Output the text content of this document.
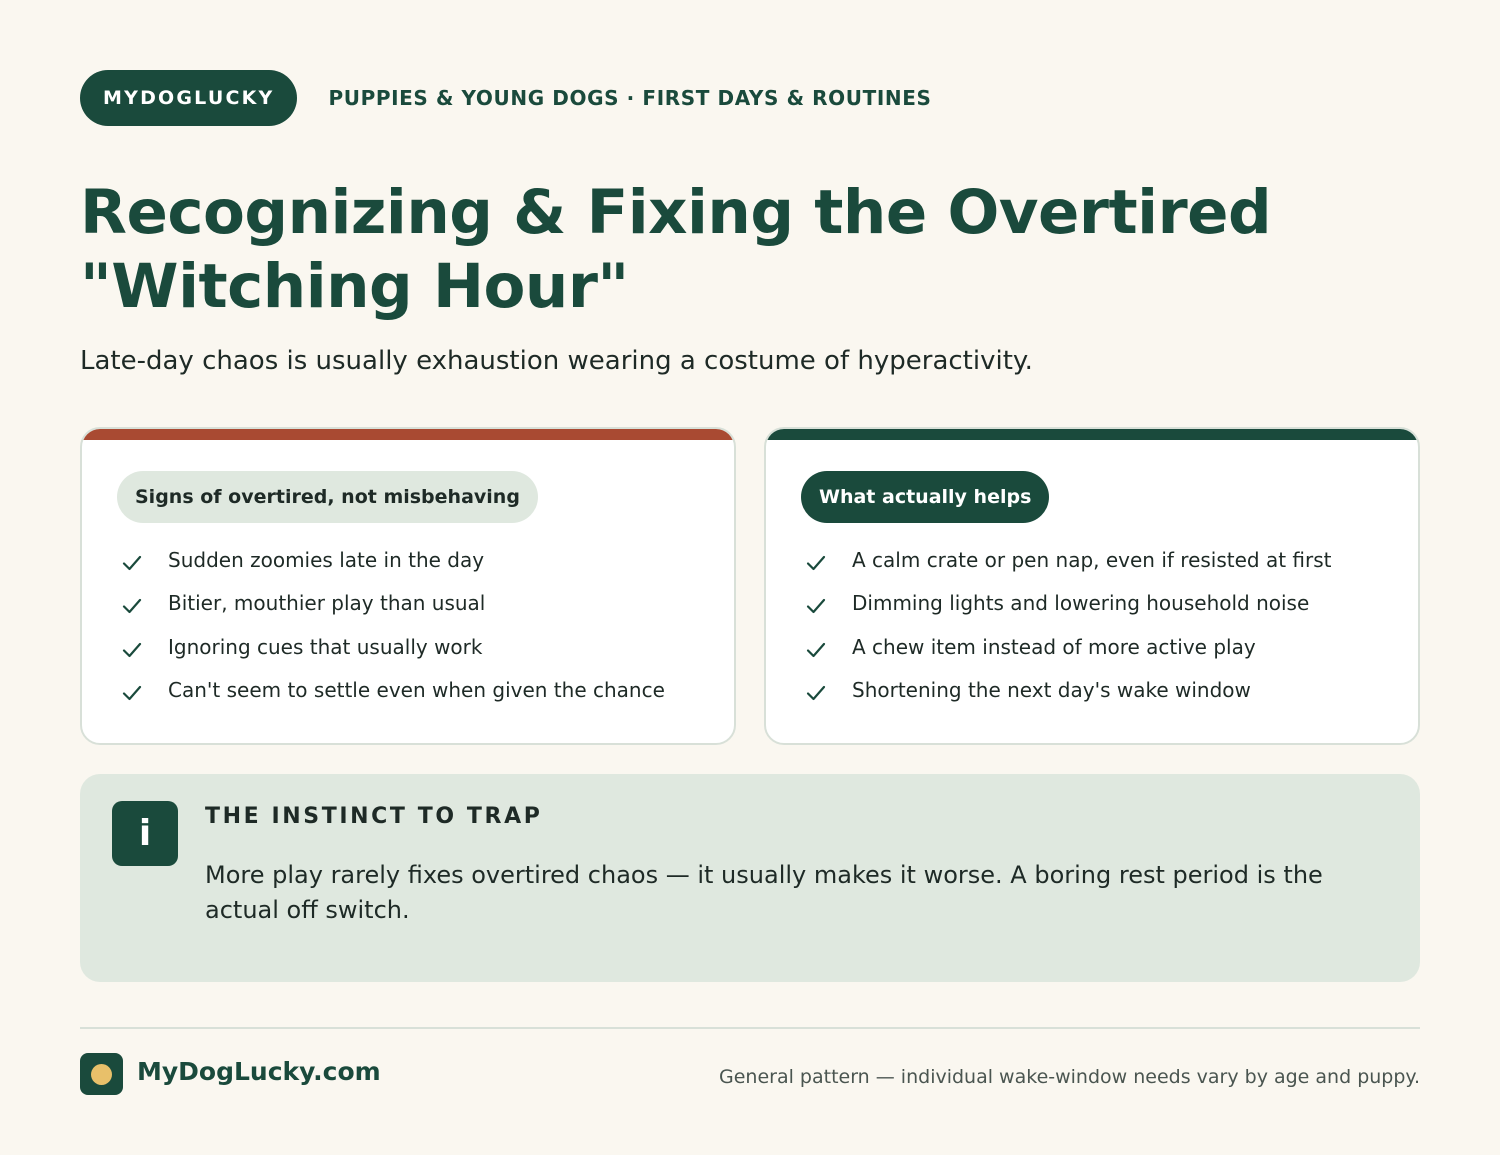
MYDOGLUCKY	PUPPIES & YOUNG DOGS · FIRST DAYS & ROUTINES
Recognizing & Fixing the Overtired
"Witching Hour"

Late-day chaos is usually exhaustion wearing a costume of hyperactivity.

Signs of overtired, not misbehaving
Sudden zoomies late in the day
Bitier, mouthier play than usual
Ignoring cues that usually work
Can't seem to settle even when given the chance
What actually helps
A calm crate or pen nap, even if resisted at first
Dimming lights and lowering household noise
A chew item instead of more active play
Shortening the next day's wake window
i	THE INSTINCT TO TRAP

More play rarely fixes overtired chaos — it usually makes it worse. A boring rest period is the actual off switch.

MyDogLucky.com	General pattern — individual wake-window needs vary by age and puppy.
